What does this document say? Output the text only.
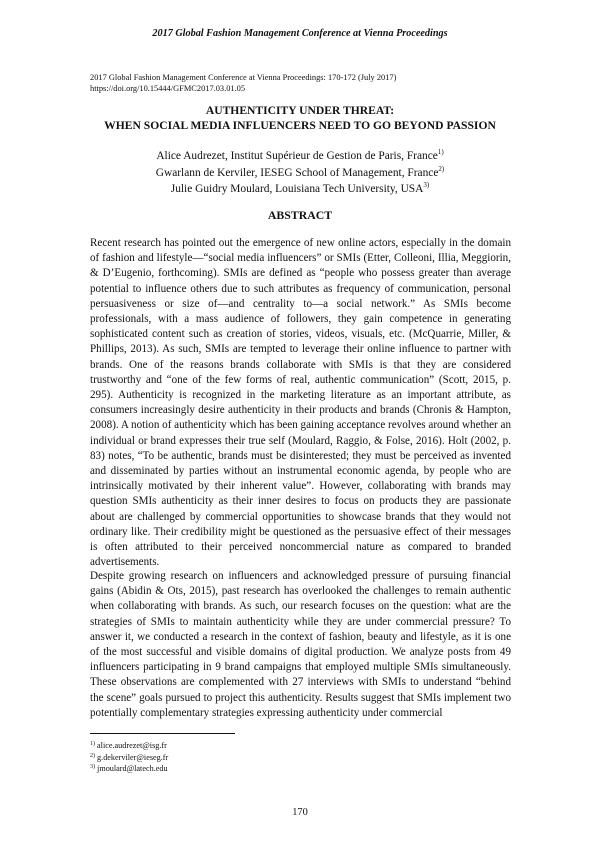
2017 Global Fashion Management Conference at Vienna Proceedings
2017 Global Fashion Management Conference at Vienna Proceedings: 170-172 (July 2017)
https://doi.org/10.15444/GFMC2017.03.01.05
AUTHENTICITY UNDER THREAT:
WHEN SOCIAL MEDIA INFLUENCERS NEED TO GO BEYOND PASSION
Alice Audrezet, Institut Supérieur de Gestion de Paris, France$^{1)}$
Gwarlann de Kerviler, IESEG School of Management, France$^{2)}$
Julie Guidry Moulard, Louisiana Tech University, USA$^{3)}$
ABSTRACT

Recent research has pointed out the emergence of new online actors, especially in the domain of fashion and lifestyle—“social media influencers” or SMIs (Etter, Colleoni, Illia, Meggiorin, & D’Eugenio, forthcoming). SMIs are defined as “people who possess greater than average potential to influence others due to such attributes as frequency of communication, personal persuasiveness or size of—and centrality to—a social network.” As SMIs become professionals, with a mass audience of followers, they gain competence in generating sophisticated content such as creation of stories, videos, visuals, etc. (McQuarrie, Miller, & Phillips, 2013). As such, SMIs are tempted to leverage their online influence to partner with brands. One of the reasons brands collaborate with SMIs is that they are considered trustworthy and “one of the few forms of real, authentic communication” (Scott, 2015, p. 295). Authenticity is recognized in the marketing literature as an important attribute, as consumers increasingly desire authenticity in their products and brands (Chronis & Hampton, 2008). A notion of authenticity which has been gaining acceptance revolves around whether an individual or brand expresses their true self (Moulard, Raggio, & Folse, 2016). Holt (2002, p. 83) notes, “To be authentic, brands must be disinterested; they must be perceived as invented and disseminated by parties without an instrumental economic agenda, by people who are intrinsically motivated by their inherent value”. However, collaborating with brands may question SMIs authenticity as their inner desires to focus on products they are passionate about are challenged by commercial opportunities to showcase brands that they would not ordinary like. Their credibility might be questioned as the persuasive effect of their messages is often attributed to their perceived noncommercial nature as compared to branded advertisements.

Despite growing research on influencers and acknowledged pressure of pursuing financial gains (Abidin & Ots, 2015), past research has overlooked the challenges to remain authentic when collaborating with brands. As such, our research focuses on the question: what are the strategies of SMIs to maintain authenticity while they are under commercial pressure? To answer it, we conducted a research in the context of fashion, beauty and lifestyle, as it is one of the most successful and visible domains of digital production. We analyze posts from 49 influencers participating in 9 brand campaigns that employed multiple SMIs simultaneously. These observations are complemented with 27 interviews with SMIs to understand “behind the scene” goals pursued to project this authenticity. Results suggest that SMIs implement two potentially complementary strategies expressing authenticity under commercial

$^{1)}$ alice.audrezet@isg.fr
$^{2)}$ g.dekerviler@ieseg.fr
$^{3)}$ jmoulard@latech.edu
170
